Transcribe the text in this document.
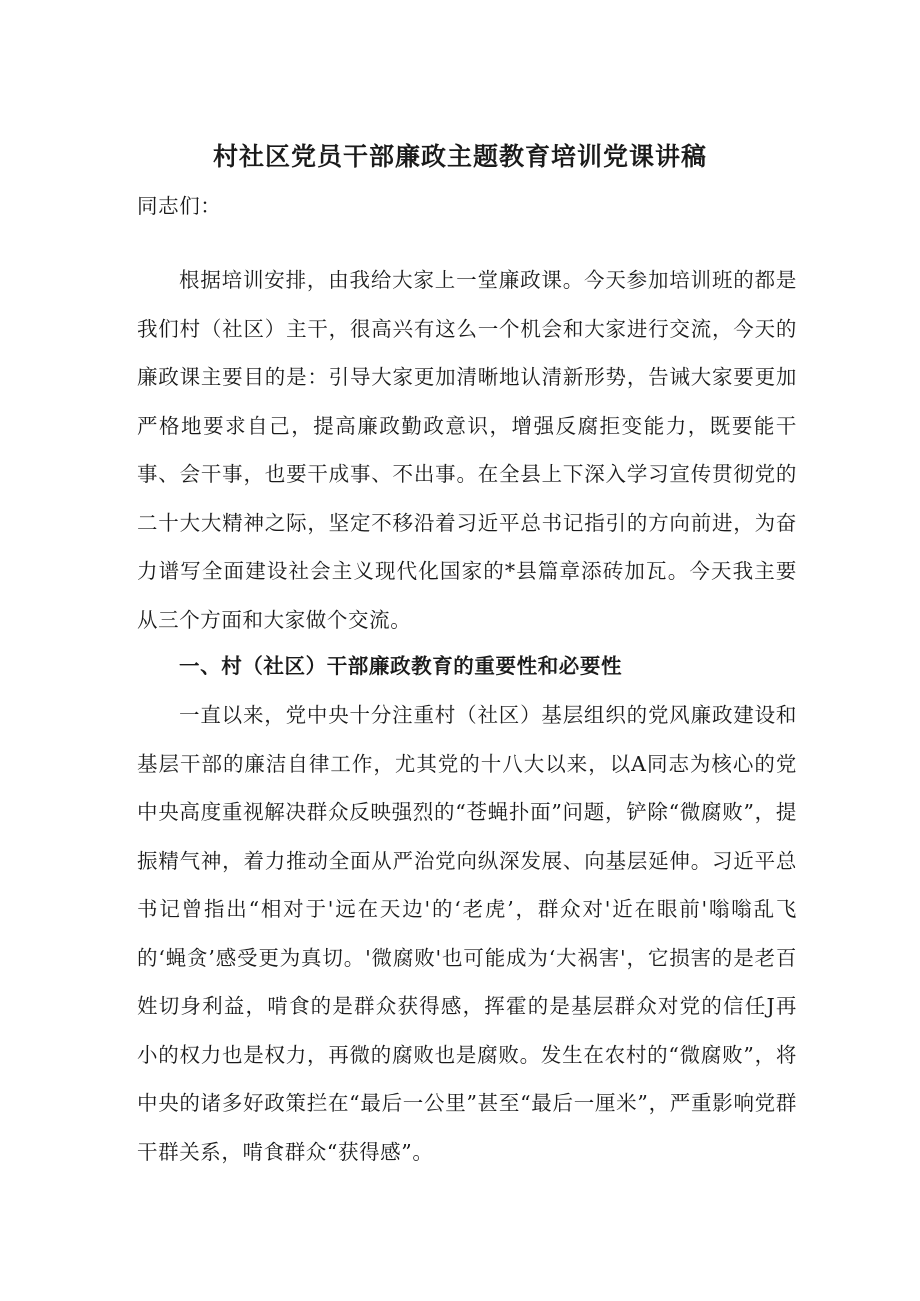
村社区党员干部廉政主题教育培训党课讲稿

同志们：

根据培训安排，由我给大家上一堂廉政课。今天参加培训班的都是我们村（社区）主干，很高兴有这么一个机会和大家进行交流，今天的廉政课主要目的是：引导大家更加清晰地认清新形势，告诫大家要更加严格地要求自己，提高廉政勤政意识，增强反腐拒变能力，既要能干事、会干事，也要干成事、不出事。在全县上下深入学习宣传贯彻党的二十大大精神之际，坚定不移沿着习近平总书记指引的方向前进，为奋力谱写全面建设社会主义现代化国家的*县篇章添砖加瓦。今天我主要从三个方面和大家做个交流。

一、村（社区）干部廉政教育的重要性和必要性

一直以来，党中央十分注重村（社区）基层组织的党风廉政建设和基层干部的廉洁自律工作，尤其党的十八大以来，以A同志为核心的党中央高度重视解决群众反映强烈的“苍蝇扑面”问题，铲除“微腐败”，提振精气神，着力推动全面从严治党向纵深发展、向基层延伸。习近平总书记曾指出“相对于'远在天边'的‘老虎’，群众对'近在眼前'嗡嗡乱飞的‘蝇贪’感受更为真切。'微腐败'也可能成为‘大祸害'，它损害的是老百姓切身利益，啃食的是群众获得感，挥霍的是基层群众对党的信任J再小的权力也是权力，再微的腐败也是腐败。发生在农村的“微腐败”，将中央的诸多好政策拦在“最后一公里”甚至“最后一厘米”，严重影响党群干群关系，啃食群众“获得感”。
